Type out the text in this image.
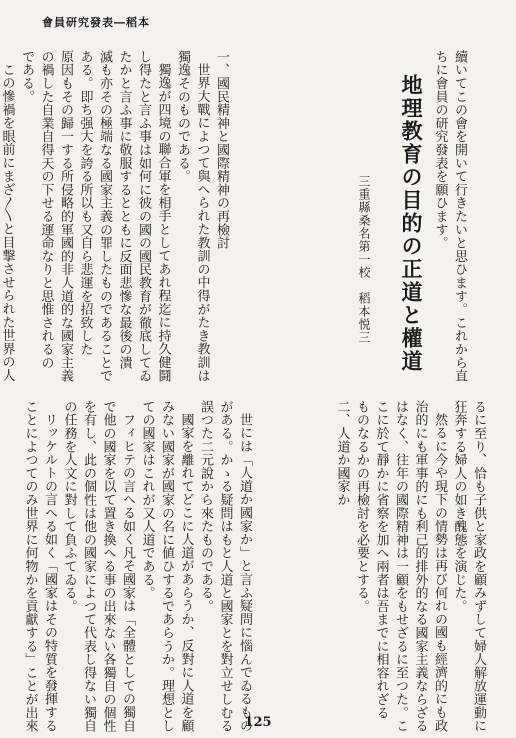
會員研究發表―稻本

續いてこの會を開いて行きたいと思ひます。これから直

ちに會員の研究發表を願ひます。

地理教育の目的の正道と權道
三重縣桑名第一校　稻本悦三

一、國民精神と國際精神の再檢討

世界大戰によつて與へられた教訓の中得がたき教訓は

獨逸そのものである。

獨逸が四境の聯合軍を相手としてあれ程迄に持久健鬪

し得たと言ふ事は如何に彼の國の國民教育が徹底してゐ

たかと言ふ事に敬服するとともに反面悲慘な最後の潰

滅も亦その極端なる國家主義の罪したものであることで

ある。即ち强大を誇る所以も又自ら悲運を招致した

原因もその歸一する所侵略的軍國的非人道的な國家主義

の禍した自業自得天の下せる運命なりと思惟されるの

である。

この慘禍を眼前にまざ〳〵と目撃させられた世界の人

るに至り、恰も子供と家政を顧みずして婦人解放運動に

狂奔する婦人の如き醜態を演じた。

然るに今や現下の情勢は再び何れの國も經濟的にも政

治的にも軍事的にも利己的排外的なる國家主義ならざる

はなく、往年の國際精神は一顧をもせざるに至つた。こ

こに於て靜かに省察を加へ兩者は吾までに相容れざる

ものなるかの再檢討を必要とする。

二、人道か國家か

世には「人道か國家か」と言ふ疑問に惱んでゐるもの

がある。かゝる疑問はもと人道と國家とを對立せしむる

誤つた二元說から來たものである。

國家を離れてどこに人道があらうか、反對に人道を顧

みない國家が國家の名に値ひするであらうか。理想とし

ての國家はこれが又人道である。

フィヒテの言へる如く凡そ國家は「全體としての獨自

で他の國家を以て置き換へる事の出來ない各獨自の個性

を有し、此の個性は他の國家によつて代表し得ない獨自

の任務を人文に對して負ふてゐる。

リッケルトの言へる如く「國家はその特質を發揮する

ことによつてのみ世界に何物かを貢獻する」ことが出來	125
